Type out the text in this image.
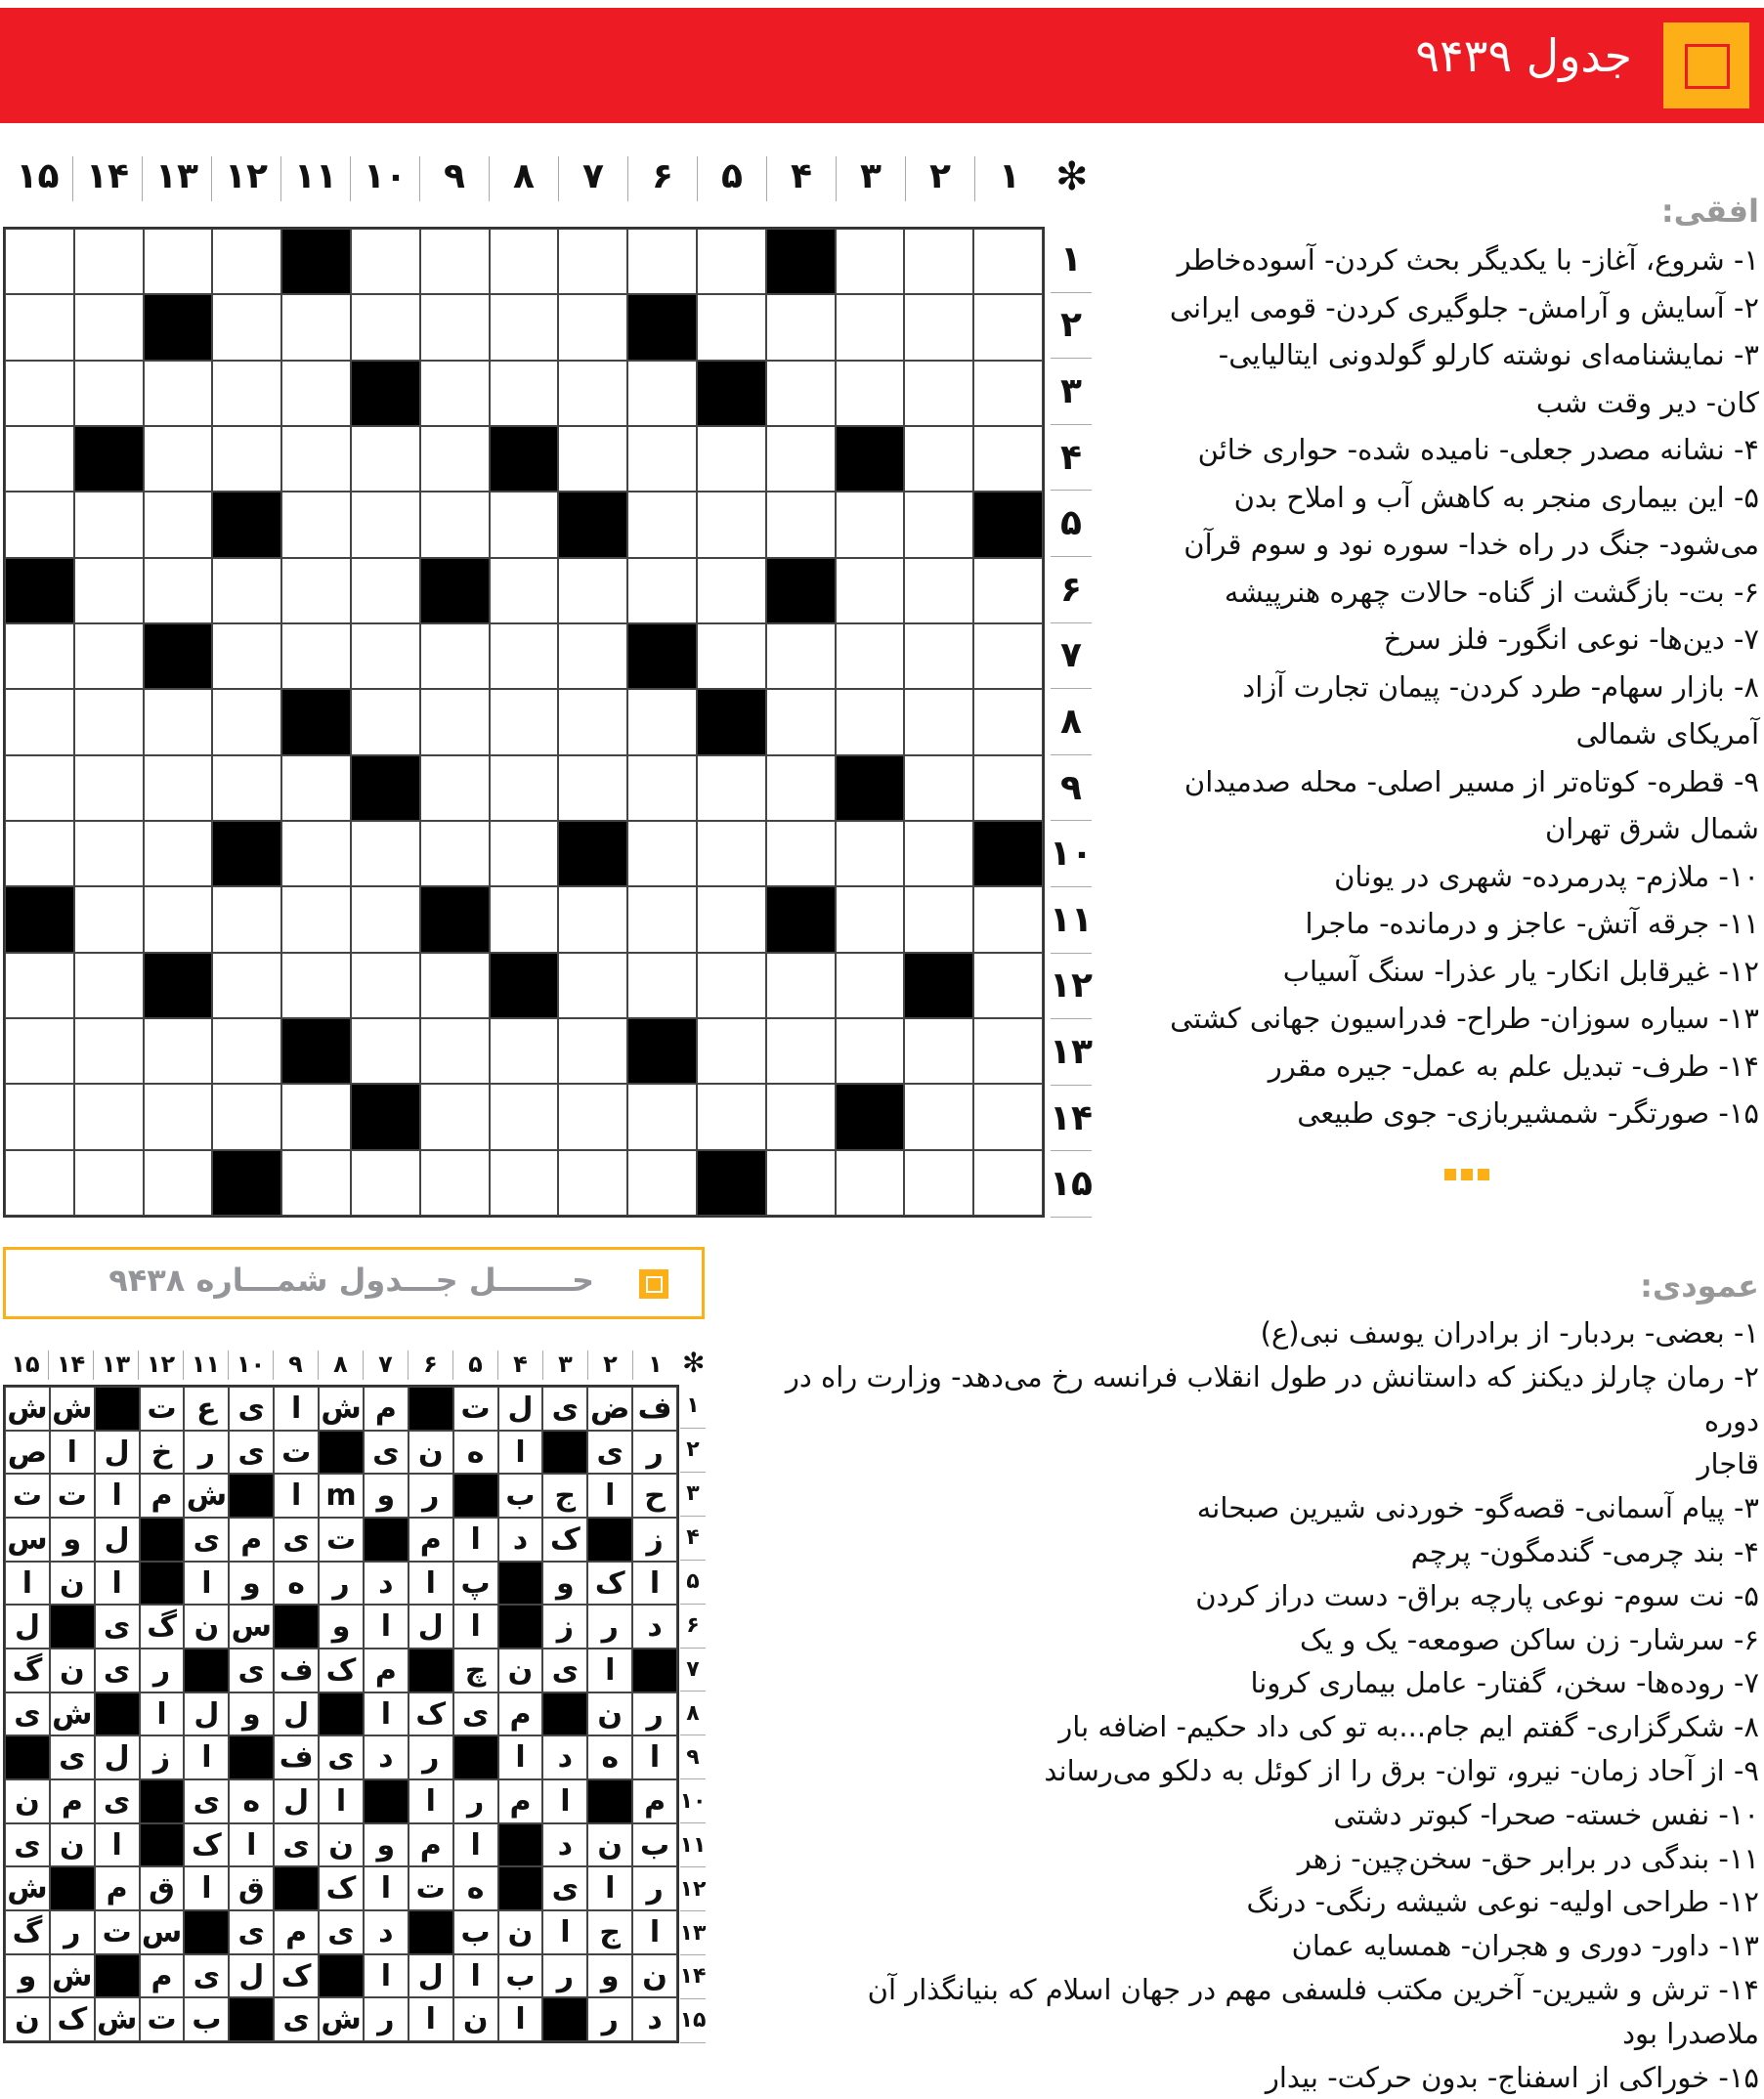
جدول ۹۴۳۹
✻
۱
۲
۳
۴
۵
۶
۷
۸
۹
۱۰
۱۱
۱۲
۱۳
۱۴
۱۵
۱
۲
۳
۴
۵
۶
۷
۸
۹
۱۰
۱۱
۱۲
۱۳
۱۴
۱۵
افقی:

۱- شروع، آغاز- با یکدیگر بحث کردن- آسوده‌خاطر

۲- آسایش و آرامش- جلوگیری کردن- قومی ایرانی

۳- نمایشنامه‌ای نوشته کارلو گولدونی ایتالیایی-

کان- دیر وقت شب

۴- نشانه مصدر جعلی- نامیده شده- حواری خائن

۵- این بیماری منجر به کاهش آب و املاح بدن

می‌شود- جنگ در راه خدا- سوره نود و سوم قرآن

۶- بت- بازگشت از گناه- حالات چهره هنرپیشه

۷- دین‌ها- نوعی انگور- فلز سرخ

۸- بازار سهام- طرد کردن- پیمان تجارت آزاد

آمریکای شمالی

۹- قطره- کوتاه‌تر از مسیر اصلی- محله صدمیدان

شمال شرق تهران

۱۰- ملازم- پدرمرده- شهری در یونان

۱۱- جرقه آتش- عاجز و درمانده- ماجرا

۱۲- غیرقابل انکار- یار عذرا- سنگ آسیاب

۱۳- سیاره سوزان- طراح- فدراسیون جهانی کشتی

۱۴- طرف- تبدیل علم به عمل- جیره مقرر

۱۵- صورتگر- شمشیربازی- جوی طبیعی

حـــــــل جـــدول شمـــاره ۹۴۳۸
✻
۱
۲
۳
۴
۵
۶
۷
۸
۹
۱۰
۱۱
۱۲
۱۳
۱۴
۱۵
ف
ض
ی
ل
ت
#
م
ش
ا
ی
ع
ت
#
ش
ش
ر
ی
#
ا
ه
ن
ی
#
ت
ی
ر
خ
ل
ا
ص
ح
ا
ج
ب
#
ر
و
m
l
#
ش
م
ا
ت
ت
ز
#
ک
د
ا
م
#
ت
ی
م
ی
#
ل
و
س
ا
ک
و
#
پ
ا
د
ر
ه
و
ا
#
ا
ن
ا
د
ر
ز
#
ا
ل
ا
و
#
س
ن
گ
ی
#
ل
#
ا
ی
ن
چ
#
م
ک
ف
ی
#
ر
ی
ن
گ
ر
ن
#
م
ی
ک
ا
#
ل
و
ل
ا
#
ش
ی
ا
ه
د
ا
#
ر
د
ی
ف
#
ا
ز
ل
ی
#
م
#
ا
م
ر
ا
#
ا
ل
ه
ی
#
ی
م
ن
ب
ن
د
#
ا
م
و
ن
ی
ا
ک
#
ا
ن
ی
ر
ا
ی
#
ه
ت
ا
ک
#
ق
ا
ق
م
#
ش
ا
ج
ا
ن
ب
#
د
ی
م
ی
#
س
ت
ر
گ
ن
و
ر
ب
ا
ل
ا
#
ک
ل
ی
م
#
ش
و
د
ر
#
ا
ن
ا
ر
ش
ی
#
ب
ت
ش
ک
ن
۱
۲
۳
۴
۵
۶
۷
۸
۹
۱۰
۱۱
۱۲
۱۳
۱۴
۱۵
عمودی:

۱- بعضی- بردبار- از برادران یوسف نبی(ع)

۲- رمان چارلز دیکنز که داستانش در طول انقلاب فرانسه رخ می‌دهد- وزارت راه در دوره

قاجار

۳- پیام آسمانی- قصه‌گو- خوردنی شیرین صبحانه

۴- بند چرمی- گندمگون- پرچم

۵- نت سوم- نوعی پارچه براق- دست دراز کردن

۶- سرشار- زن ساکن صومعه- یک و یک

۷- روده‌ها- سخن، گفتار- عامل بیماری کرونا

۸- شکرگزاری- گفتم ایم جام...به تو کی داد حکیم- اضافه بار

۹- از آحاد زمان- نیرو، توان- برق را از کوئل به دلکو می‌رساند

۱۰- نفس خسته- صحرا- کبوتر دشتی

۱۱- بندگی در برابر حق- سخن‌چین- زهر

۱۲- طراحی اولیه- نوعی شیشه رنگی- درنگ

۱۳- داور- دوری و هجران- همسایه عمان

۱۴- ترش و شیرین- آخرین مکتب فلسفی مهم در جهان اسلام که بنیانگذار آن ملاصدرا بود

۱۵- خوراکی از اسفناج- بدون حرکت- بیدار
